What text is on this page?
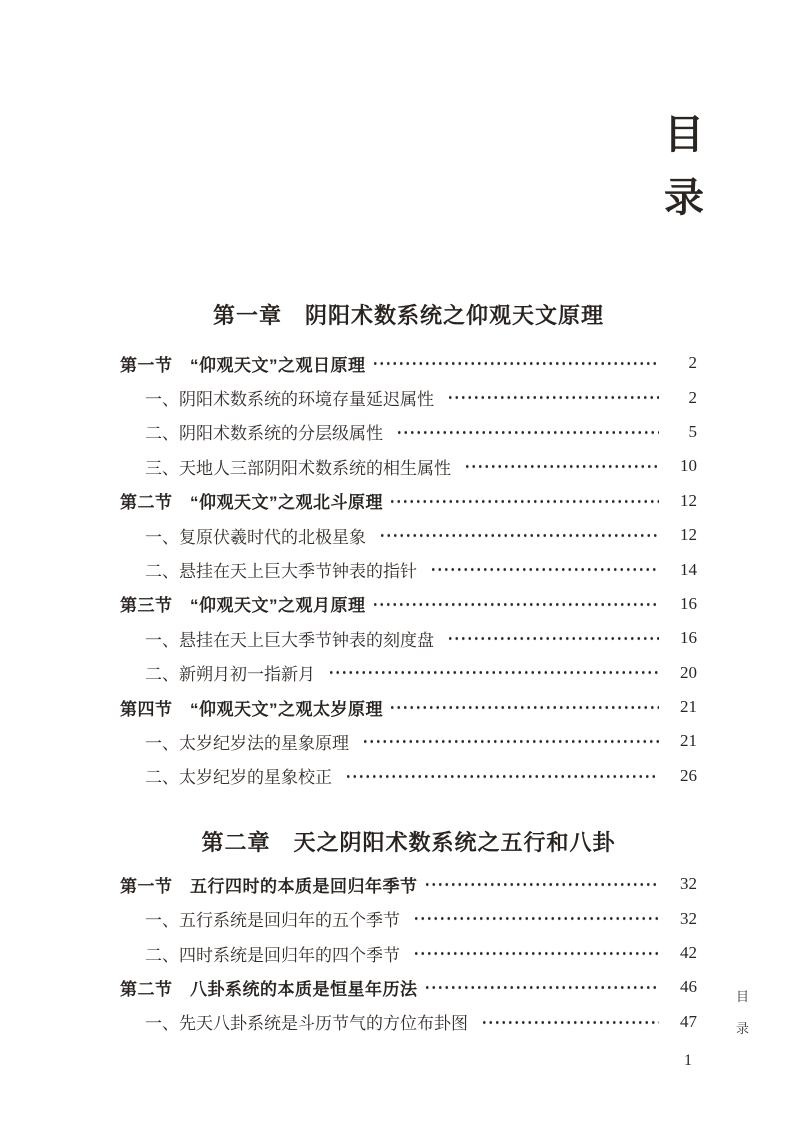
目
录
第一章　阴阳术数系统之仰观天文原理
第一节　“仰观天文”之观日原理	2
一、阴阳术数系统的环境存量延迟属性	2
二、阴阳术数系统的分层级属性	5
三、天地人三部阴阳术数系统的相生属性	10
第二节　“仰观天文”之观北斗原理	12
一、复原伏羲时代的北极星象	12
二、悬挂在天上巨大季节钟表的指针	14
第三节　“仰观天文”之观月原理	16
一、悬挂在天上巨大季节钟表的刻度盘	16
二、新朔月初一指新月	20
第四节　“仰观天文”之观太岁原理	21
一、太岁纪岁法的星象原理	21
二、太岁纪岁的星象校正	26
第二章　天之阴阳术数系统之五行和八卦
第一节　五行四时的本质是回归年季节	32
一、五行系统是回归年的五个季节	32
二、四时系统是回归年的四个季节	42
第二节　八卦系统的本质是恒星年历法	46
一、先天八卦系统是斗历节气的方位布卦图	47
目
录
1
